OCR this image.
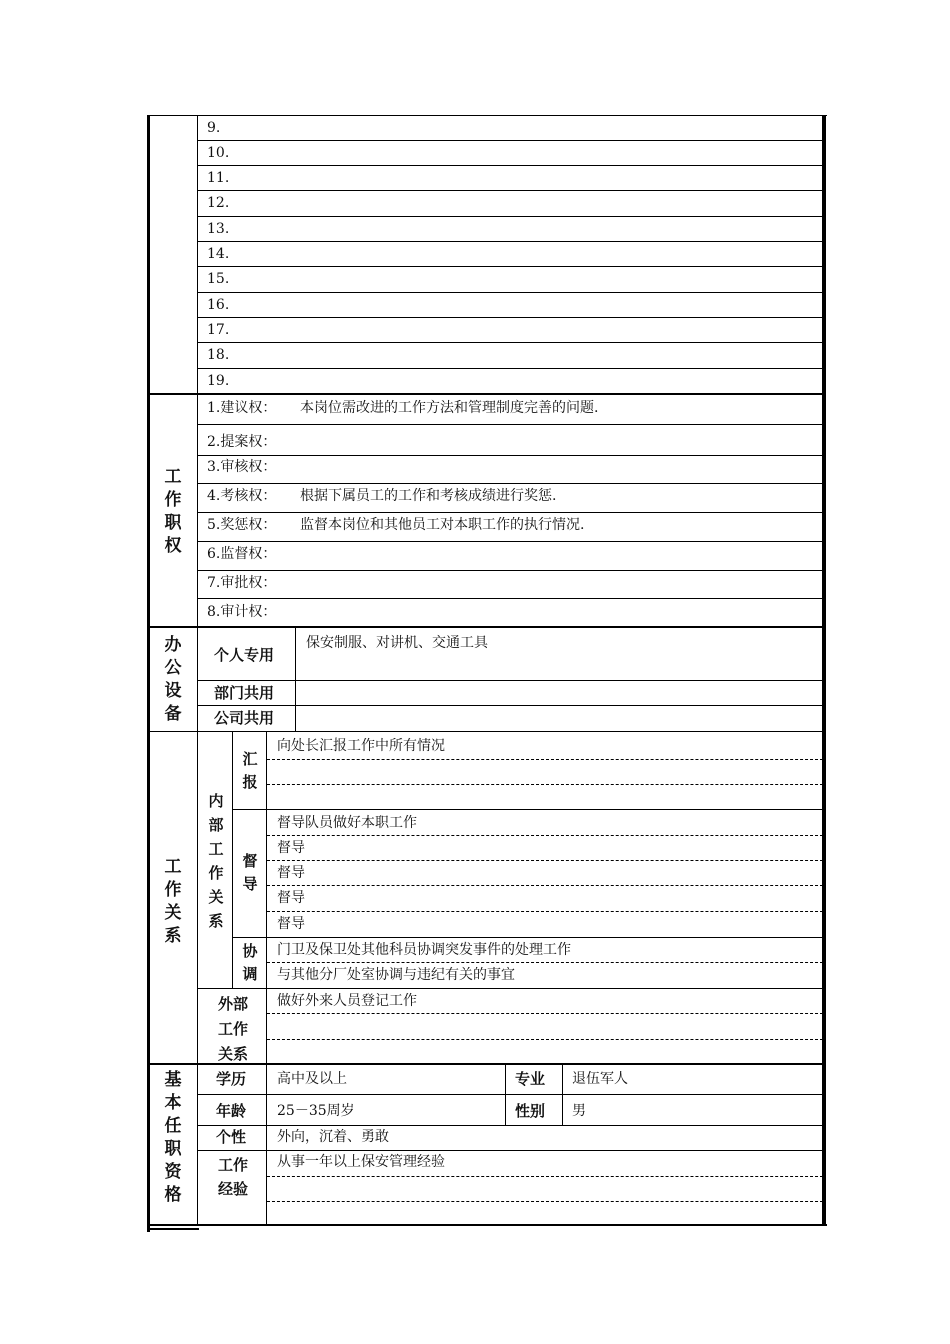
9.
10.
11.
12.
13.
14.
15.
16.
17.
18.
19.
工
作
职
权
1.建议权： 本岗位需改进的工作方法和管理制度完善的问题.
2.提案权：
3.审核权：
4.考核权： 根据下属员工的工作和考核成绩进行奖惩.
5.奖惩权： 监督本岗位和其他员工对本职工作的执行情况.
6.监督权：
7.审批权：
8.审计权：
办
公
设
备
个人专用
保安制服、对讲机、交通工具
部门共用
公司共用
工
作
关
系
内
部
工
作
关
系
汇
报
督
导
协
调
外部
工作
关系
向处长汇报工作中所有情况
督导队员做好本职工作
督导
督导
督导
督导
门卫及保卫处其他科员协调突发事件的处理工作
与其他分厂处室协调与违纪有关的事宜
做好外来人员登记工作
基
本
任
职
资
格
学历 高中及以上	专业 退伍军人
年龄 25－35周岁	性别 男
个性 外向，沉着、勇敢
工作
经验
从事一年以上保安管理经验
